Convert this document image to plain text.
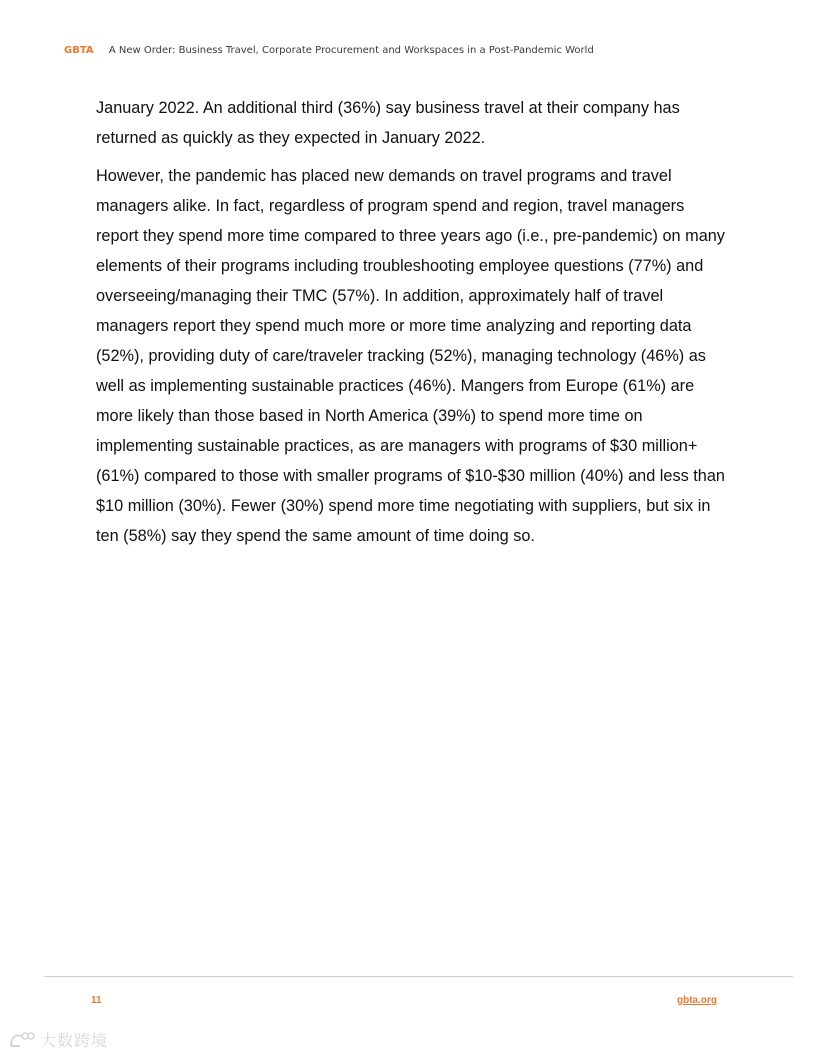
GBTA A New Order: Business Travel, Corporate Procurement and Workspaces in a Post-Pandemic World

January 2022. An additional third (36%) say business travel at their company has returned as quickly as they expected in January 2022.

However, the pandemic has placed new demands on travel programs and travel managers alike. In fact, regardless of program spend and region, travel managers report they spend more time compared to three years ago (i.e., pre-pandemic) on many elements of their programs including troubleshooting employee questions (77%) and overseeing/managing their TMC (57%). In addition, approximately half of travel managers report they spend much more or more time analyzing and reporting data (52%), providing duty of care/traveler tracking (52%), managing technology (46%) as well as implementing sustainable practices (46%). Mangers from Europe (61%) are more likely than those based in North America (39%) to spend more time on implementing sustainable practices, as are managers with programs of $30 million+ (61%) compared to those with smaller programs of $10-$30 million (40%) and less than $10 million (30%). Fewer (30%) spend more time negotiating with suppliers, but six in ten (58%) say they spend the same amount of time doing so.

11	gbta.org
大数跨境
